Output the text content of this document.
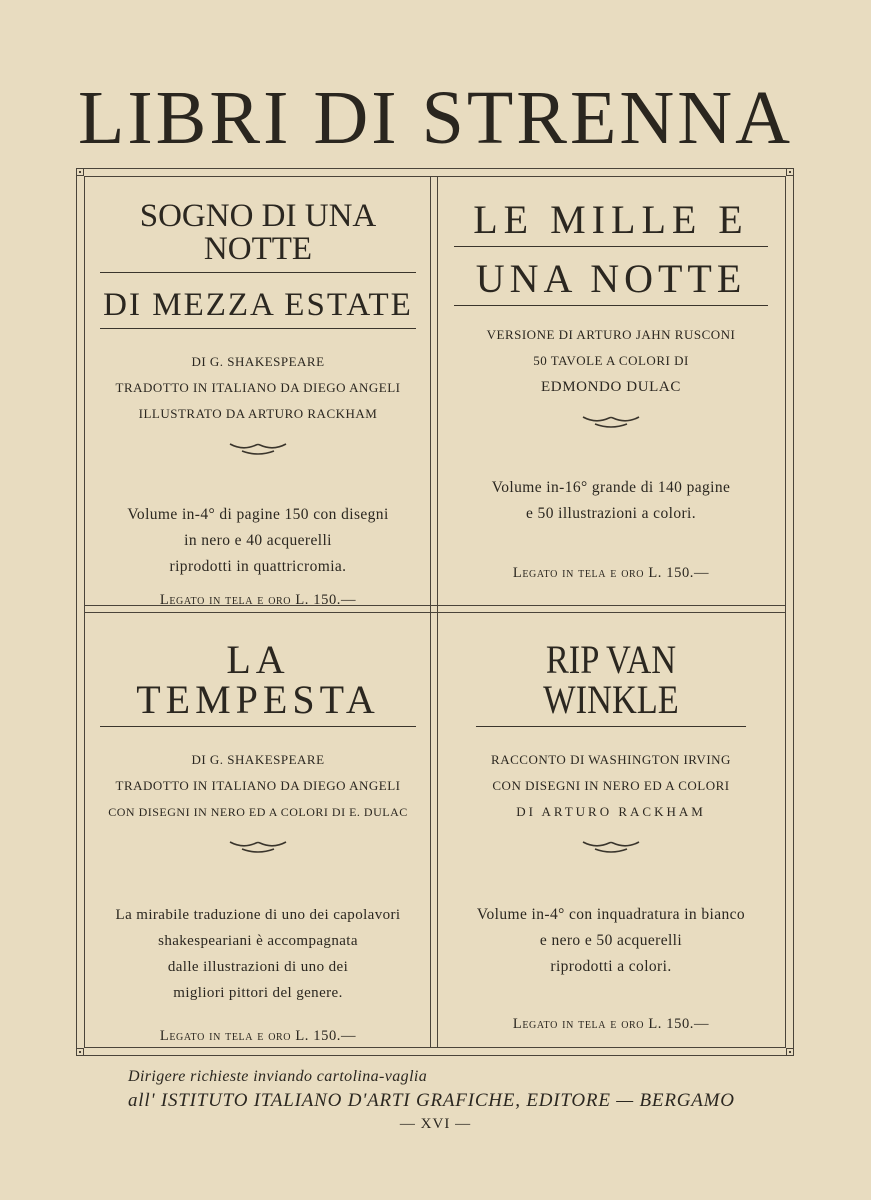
LIBRI DI STRENNA
SOGNO DI UNA NOTTE
DI MEZZA ESTATE
DI G. SHAKESPEARE
TRADOTTO IN ITALIANO DA DIEGO ANGELI
ILLUSTRATO DA ARTURO RACKHAM
Volume in-4° di pagine 150 con disegni
in nero e 40 acquerelli
riprodotti in quattricromia.
Legato in tela e oro L. 150.—
LE MILLE E
UNA NOTTE
VERSIONE DI ARTURO JAHN RUSCONI
50 TAVOLE A COLORI DI
EDMONDO DULAC
Volume in-16° grande di 140 pagine
e 50 illustrazioni a colori.
Legato in tela e oro L. 150.—
LA TEMPESTA
DI G. SHAKESPEARE
TRADOTTO IN ITALIANO DA DIEGO ANGELI
CON DISEGNI IN NERO ED A COLORI DI E. DULAC
La mirabile traduzione di uno dei capolavori
shakespeariani è accompagnata
dalle illustrazioni di uno dei
migliori pittori del genere.
Legato in tela e oro L. 150.—
RIP VAN WINKLE
RACCONTO DI WASHINGTON IRVING
CON DISEGNI IN NERO ED A COLORI
DI ARTURO RACKHAM
Volume in-4° con inquadratura in bianco
e nero e 50 acquerelli
riprodotti a colori.
Legato in tela e oro L. 150.—
Dirigere richieste inviando cartolina-vaglia
all' ISTITUTO ITALIANO D'ARTI GRAFICHE, EDITORE — BERGAMO
— XVI —
